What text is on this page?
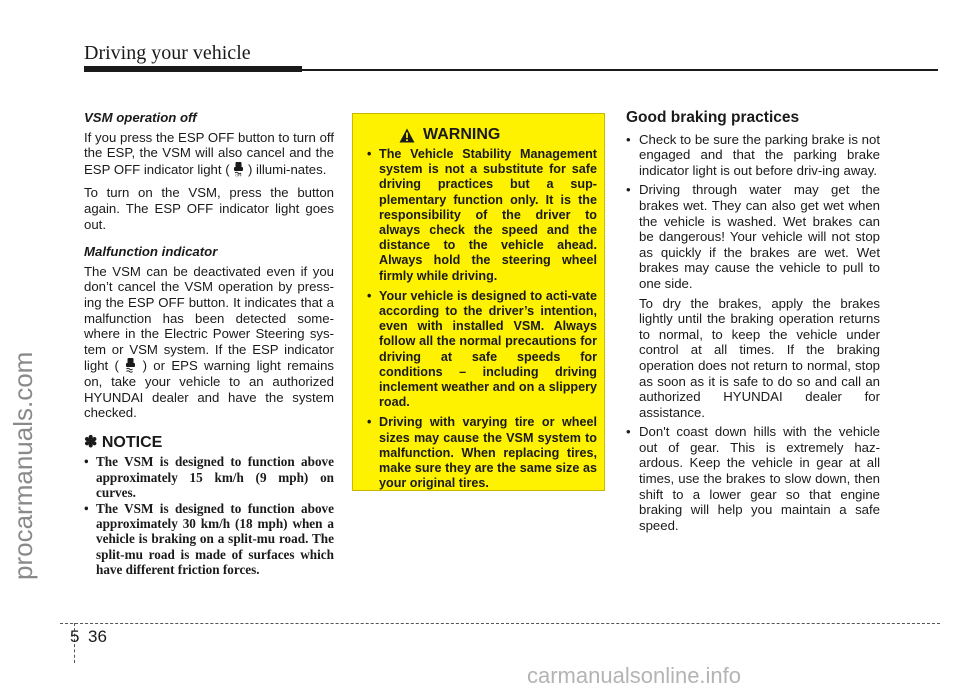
Driving your vehicle
procarmanuals.com
VSM operation off

If you press the ESP OFF button to turn off the ESP, the VSM will also cancel and the ESP OFF indicator light ( OFF ) illumi-nates.

To turn on the VSM, press the button again. The ESP OFF indicator light goes out.

Malfunction indicator

The VSM can be deactivated even if you don’t cancel the VSM operation by press-ing the ESP OFF button. It indicates that a malfunction has been detected some-where in the Electric Power Steering sys-tem or VSM system. If the ESP indicator light ( ) or EPS warning light remains on, take your vehicle to an authorized HYUNDAI dealer and have the system checked.

✽ NOTICE
• The VSM is designed to function above approximately 15 km/h (9 mph) on curves.
• The VSM is designed to function above approximately 30 km/h (18 mph) when a vehicle is braking on a split-mu road. The split-mu road is made of surfaces which have different friction forces.
WARNING
• The Vehicle Stability Management system is not a substitute for safe driving practices but a sup-plementary function only. It is the responsibility of the driver to always check the speed and the distance to the vehicle ahead. Always hold the steering wheel firmly while driving.
• Your vehicle is designed to acti-vate according to the driver’s intention, even with installed VSM. Always follow all the normal precautions for driving at safe speeds for conditions – including driving inclement weather and on a slippery road.
• Driving with varying tire or wheel sizes may cause the VSM system to malfunction. When replacing tires, make sure they are the same size as your original tires.
Good braking practices
• Check to be sure the parking brake is not engaged and that the parking brake indicator light is out before driv-ing away.
• Driving through water may get the brakes wet. They can also get wet when the vehicle is washed. Wet brakes can be dangerous! Your vehicle will not stop as quickly if the brakes are wet. Wet brakes may cause the vehicle to pull to one side.

To dry the brakes, apply the brakes lightly until the braking operation returns to normal, to keep the vehicle under control at all times. If the braking operation does not return to normal, stop as soon as it is safe to do so and call an authorized HYUNDAI dealer for assistance.

• Don't coast down hills with the vehicle out of gear. This is extremely haz-ardous. Keep the vehicle in gear at all times, use the brakes to slow down, then shift to a lower gear so that engine braking will help you maintain a safe speed.
5 36
carmanualsonline.info
